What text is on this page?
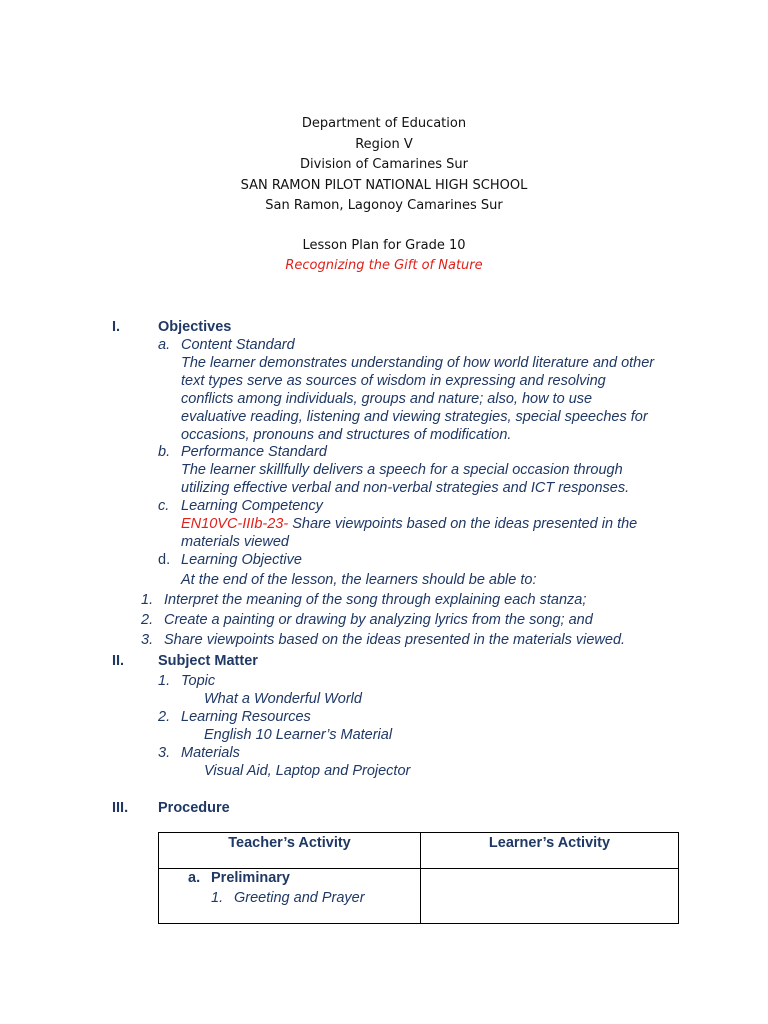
Department of Education
Region V
Division of Camarines Sur
SAN RAMON PILOT NATIONAL HIGH SCHOOL
San Ramon, Lagonoy Camarines Sur
Lesson Plan for Grade 10
Recognizing the Gift of Nature
I.	Objectives
a. Content Standard
The learner demonstrates understanding of how world literature and other
text types serve as sources of wisdom in expressing and resolving
conflicts among individuals, groups and nature; also, how to use
evaluative reading, listening and viewing strategies, special speeches for
occasions, pronouns and structures of modification.
b. Performance Standard
The learner skillfully delivers a speech for a special occasion through
utilizing effective verbal and non-verbal strategies and ICT responses.
c. Learning Competency
EN10VC-IIIb-23- Share viewpoints based on the ideas presented in the
materials viewed
d. Learning Objective
At the end of the lesson, the learners should be able to:
1. Interpret the meaning of the song through explaining each stanza;
2. Create a painting or drawing by analyzing lyrics from the song; and
3. Share viewpoints based on the ideas presented in the materials viewed.
II. Subject Matter
1. Topic
What a Wonderful World
2. Learning Resources
English 10 Learner’s Material
3. Materials
Visual Aid, Laptop and Projector
III. Procedure
Teacher’s Activity	Learner’s Activity

a. Preliminary
1. Greeting and Prayer	
